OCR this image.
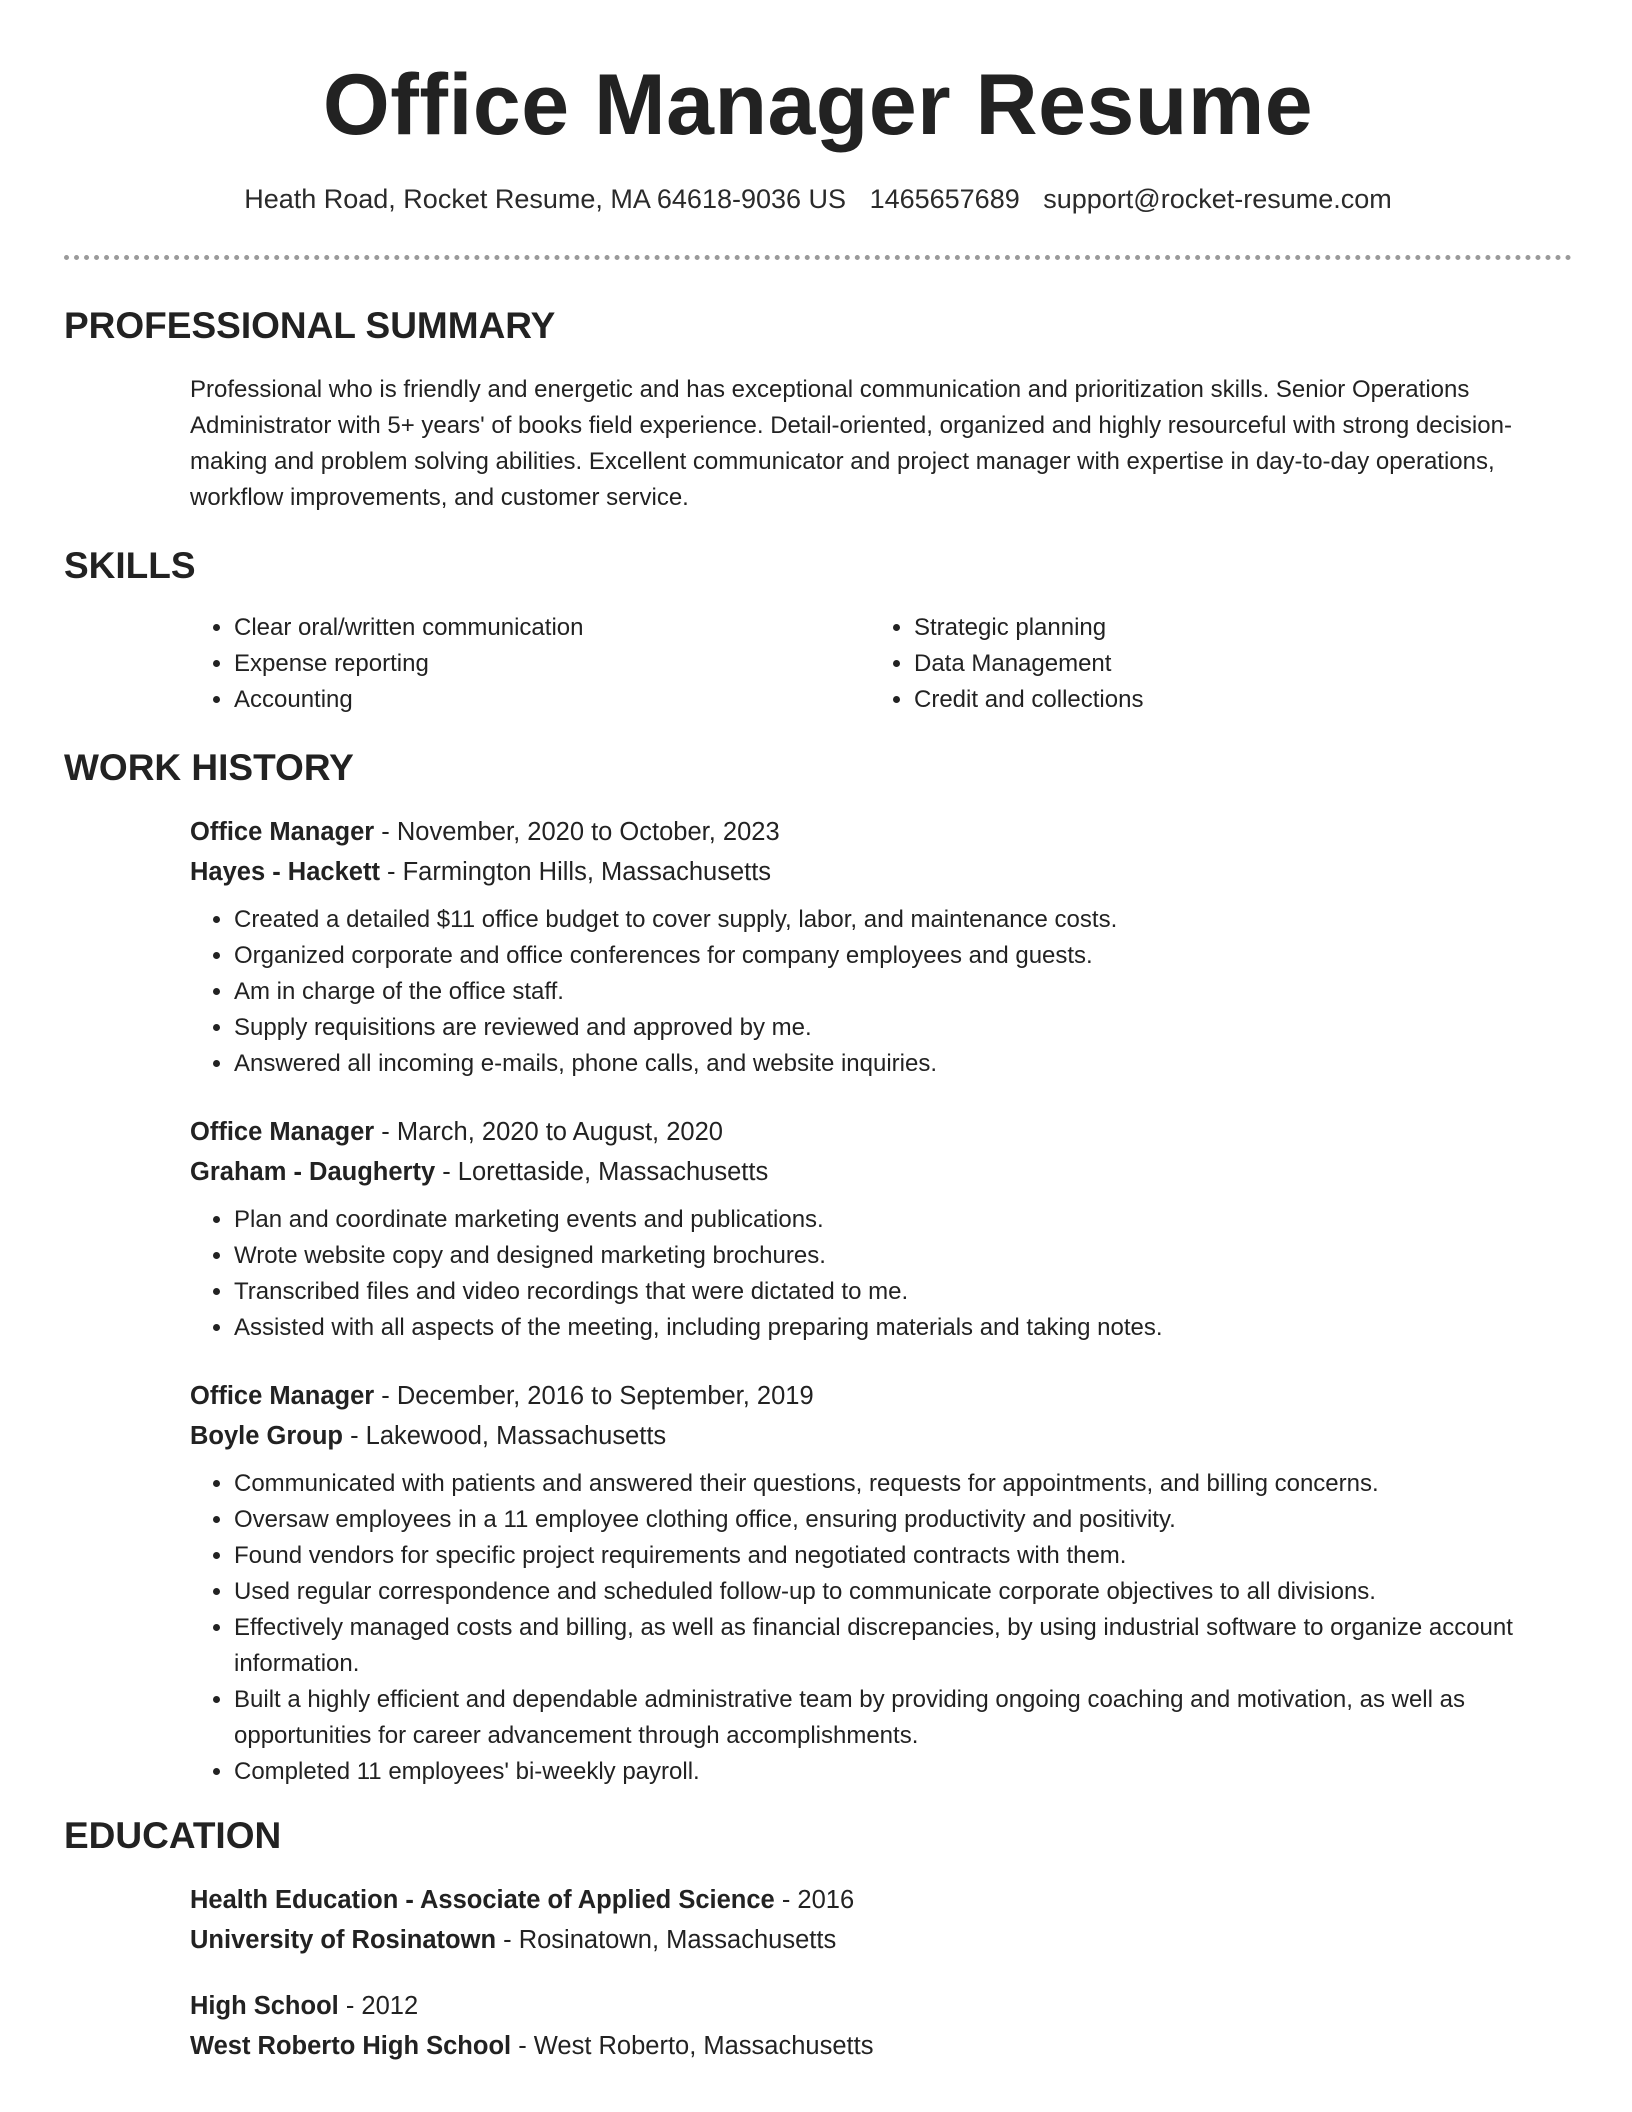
Office Manager Resume
Heath Road, Rocket Resume, MA 64618-9036 US 1465657689 support@rocket-resume.com
PROFESSIONAL SUMMARY
Professional who is friendly and energetic and has exceptional communication and prioritization skills. Senior Operations Administrator with 5+ years' of books field experience. Detail-oriented, organized and highly resourceful with strong decision-making and problem solving abilities. Excellent communicator and project manager with expertise in day-to-day operations, workflow improvements, and customer service.
SKILLS
• Clear oral/written communication
• Expense reporting
• Accounting
• Strategic planning
• Data Management
• Credit and collections
WORK HISTORY
Office Manager - November, 2020 to October, 2023
Hayes - Hackett - Farmington Hills, Massachusetts
• Created a detailed $11 office budget to cover supply, labor, and maintenance costs.
• Organized corporate and office conferences for company employees and guests.
• Am in charge of the office staff.
• Supply requisitions are reviewed and approved by me.
• Answered all incoming e-mails, phone calls, and website inquiries.
Office Manager - March, 2020 to August, 2020
Graham - Daugherty - Lorettaside, Massachusetts
• Plan and coordinate marketing events and publications.
• Wrote website copy and designed marketing brochures.
• Transcribed files and video recordings that were dictated to me.
• Assisted with all aspects of the meeting, including preparing materials and taking notes.
Office Manager - December, 2016 to September, 2019
Boyle Group - Lakewood, Massachusetts
• Communicated with patients and answered their questions, requests for appointments, and billing concerns.
• Oversaw employees in a 11 employee clothing office, ensuring productivity and positivity.
• Found vendors for specific project requirements and negotiated contracts with them.
• Used regular correspondence and scheduled follow-up to communicate corporate objectives to all divisions.
• Effectively managed costs and billing, as well as financial discrepancies, by using industrial software to organize account information.
• Built a highly efficient and dependable administrative team by providing ongoing coaching and motivation, as well as opportunities for career advancement through accomplishments.
• Completed 11 employees' bi-weekly payroll.
EDUCATION
Health Education - Associate of Applied Science - 2016
University of Rosinatown - Rosinatown, Massachusetts
High School - 2012
West Roberto High School - West Roberto, Massachusetts
